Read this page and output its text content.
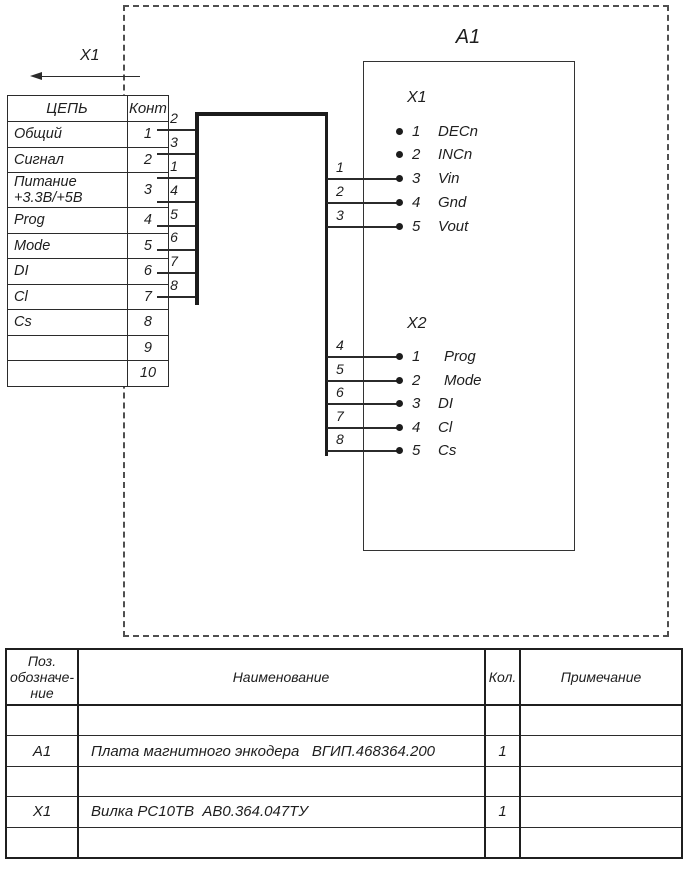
X1
ЦЕПЬ	Конт
Общий	1
Сигнал	2
Питание +3.3В/+5В	3
Prog	4
Mode	5
DI	6
Cl	7
Cs	8
	9
	10
2
3
1
4
5
6
7
8
A1
X1
1 DECn
2 INCn
1
3 Vin
2
4 Gnd
3
5 Vout
X2
4
1 Prog
5
2 Mode
6
3 DI
7
4 Cl
8
5 Cs
Поз.
обозначе-
ние	Наименование	Кол.	Примечание

A1	Плата магнитного энкодера   ВГИП.468364.200	1	

X1	Вилка РС10ТВ  АВ0.364.047ТУ	1	
